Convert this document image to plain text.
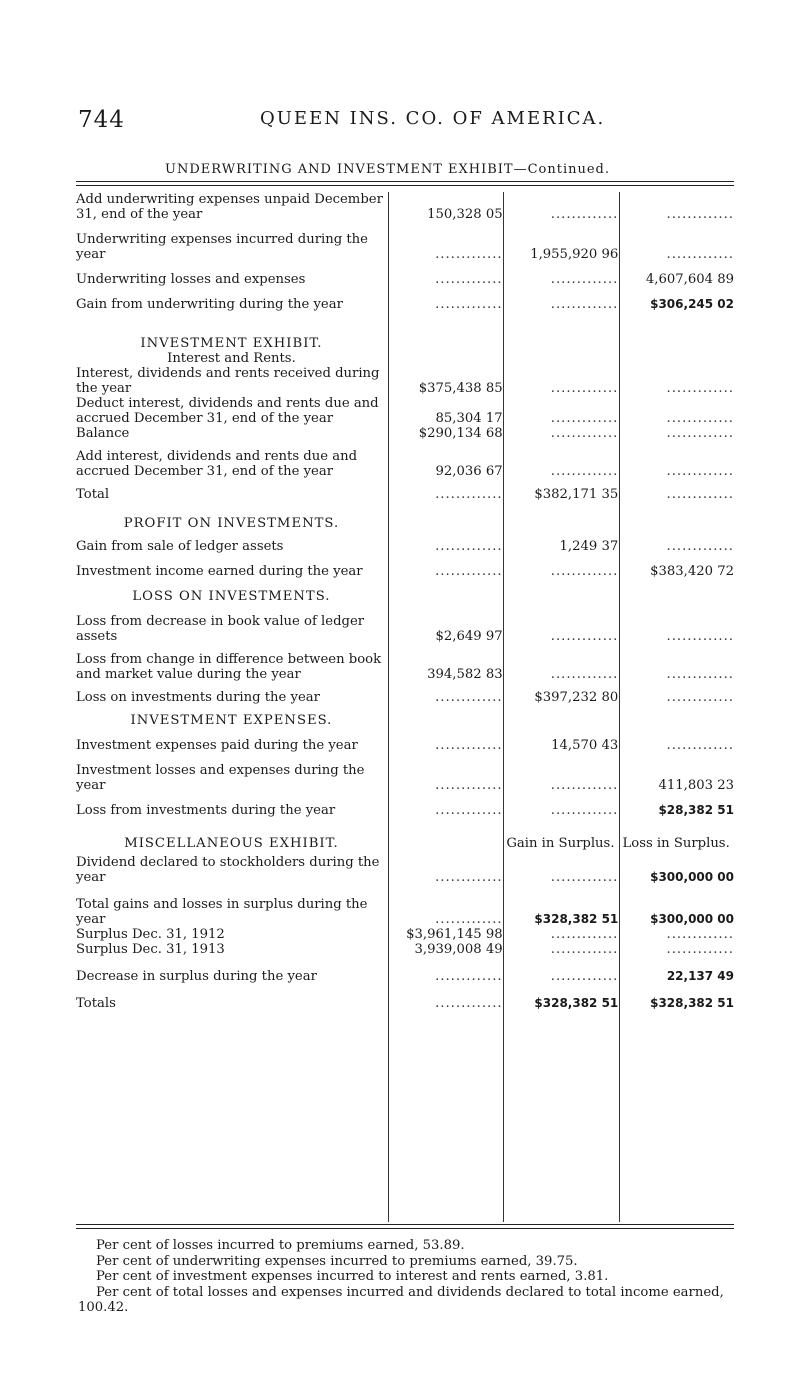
744	QUEEN INS. CO. OF AMERICA.
UNDERWRITING AND INVESTMENT EXHIBIT—Continued.
Add underwriting expenses unpaid December 31, end of the year	150,328 05	.............	.............

Underwriting expenses incurred during the year	.............	1,955,920 96	.............

Underwriting losses and expenses	.............	.............	4,607,604 89

Gain from underwriting during the year	.............	.............	$306,245 02

INVESTMENT EXHIBIT.			
Interest and Rents.			
Interest, dividends and rents received during the year	$375,438 85	.............	.............
Deduct interest, dividends and rents due and accrued December 31, end of the year	85,304 17	.............	.............
Balance	$290,134 68	.............	.............

Add interest, dividends and rents due and accrued December 31, end of the year	92,036 67	.............	.............

Total	.............	$382,171 35	.............

PROFIT ON INVESTMENTS.			

Gain from sale of ledger assets	.............	1,249 37	.............

Investment income earned during the year	.............	.............	$383,420 72

LOSS ON INVESTMENTS.			

Loss from decrease in book value of ledger assets	$2,649 97	.............	.............

Loss from change in difference between book and market value during the year	394,582 83	.............	.............

Loss on investments during the year	.............	$397,232 80	.............

INVESTMENT EXPENSES.			

Investment expenses paid during the year	.............	14,570 43	.............

Investment losses and expenses during the year	.............	.............	411,803 23

Loss from investments during the year	.............	.............	$28,382 51

MISCELLANEOUS EXHIBIT.		Gain in Surplus.	Loss in Surplus.

Dividend declared to stockholders during the year	.............	.............	$300,000 00

Total gains and losses in surplus during the year	.............	$328,382 51	$300,000 00
Surplus Dec. 31, 1912	$3,961,145 98	.............	.............
Surplus Dec. 31, 1913	3,939,008 49	.............	.............

Decrease in surplus during the year	.............	.............	22,137 49

Totals	.............	$328,382 51	$328,382 51

Per cent of losses incurred to premiums earned, 53.89.

Per cent of underwriting expenses incurred to premiums earned, 39.75.

Per cent of investment expenses incurred to interest and rents earned, 3.81.

Per cent of total losses and expenses incurred and dividends declared to total income earned, 100.42.
